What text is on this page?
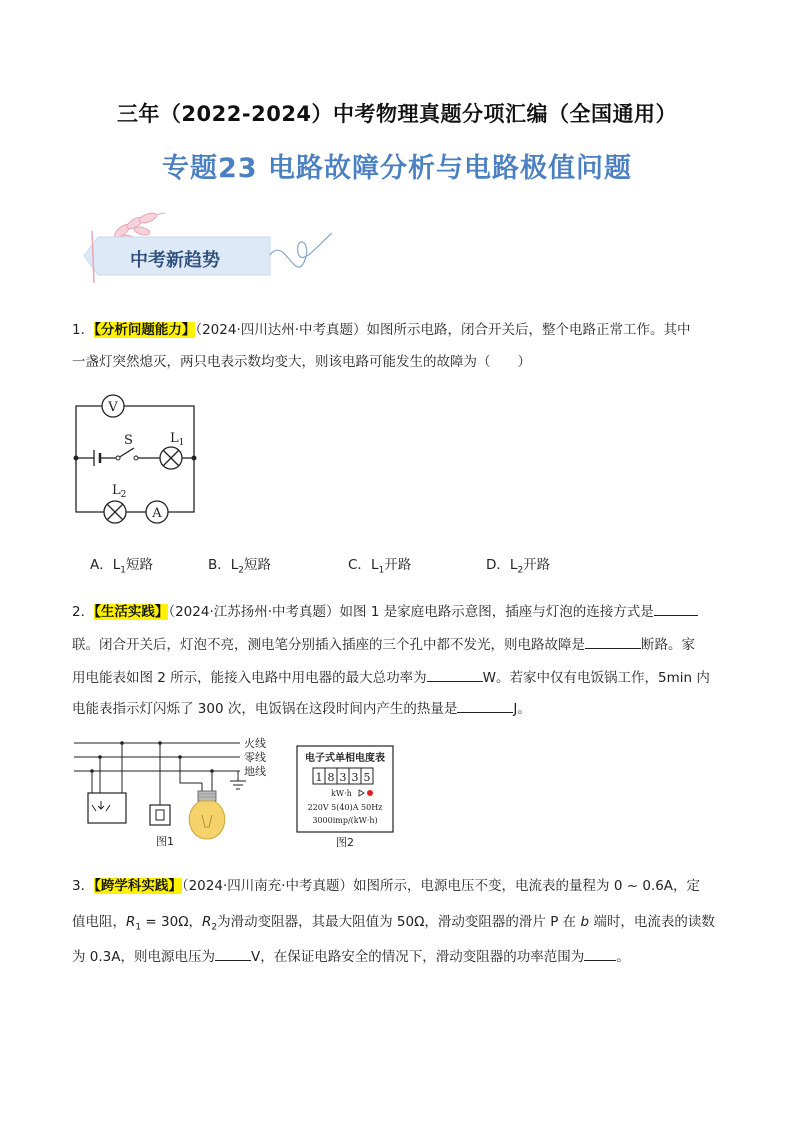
三年（2022-2024）中考物理真题分项汇编（全国通用）
专题23 电路故障分析与电路极值问题
中考新趋势
1．【分析问题能力】（2024·四川达州·中考真题）如图所示电路，闭合开关后，整个电路正常工作。其中
一盏灯突然熄灭，两只电表示数均变大，则该电路可能发生的故障为（　　）
V
S	$L_1$
$L_2$
A
A．$L_1$短路	B．$L_2$短路	C．$L_1$开路	D．$L_2$开路
2．【生活实践】（2024·江苏扬州·中考真题）如图 1 是家庭电路示意图，插座与灯泡的连接方式是
联。闭合开关后，灯泡不亮，测电笔分别插入插座的三个孔中都不发光，则电路故障是	断路。家
用电能表如图 2 所示，能接入电路中用电器的最大总功率为	W。若家中仅有电饭锅工作，5min 内
电能表指示灯闪烁了 300 次，电饭锅在这段时间内产生的热量是	J。
火线
零线
地线
图1
电子式单相电度表
1 8 3 3 5
kW·h
220V 5(40)A 50Hz
3000imp/(kW·h)
图2
3．【跨学科实践】（2024·四川南充·中考真题）如图所示，电源电压不变，电流表的量程为 0 ~ 0.6A，定
值电阻，$R_1 = 30\Omega$，$R_2$为滑动变阻器，其最大阻值为 50Ω，滑动变阻器的滑片 P 在 b 端时，电流表的读数
为 0.3A，则电源电压为	V，在保证电路安全的情况下，滑动变阻器的功率范围为 。
